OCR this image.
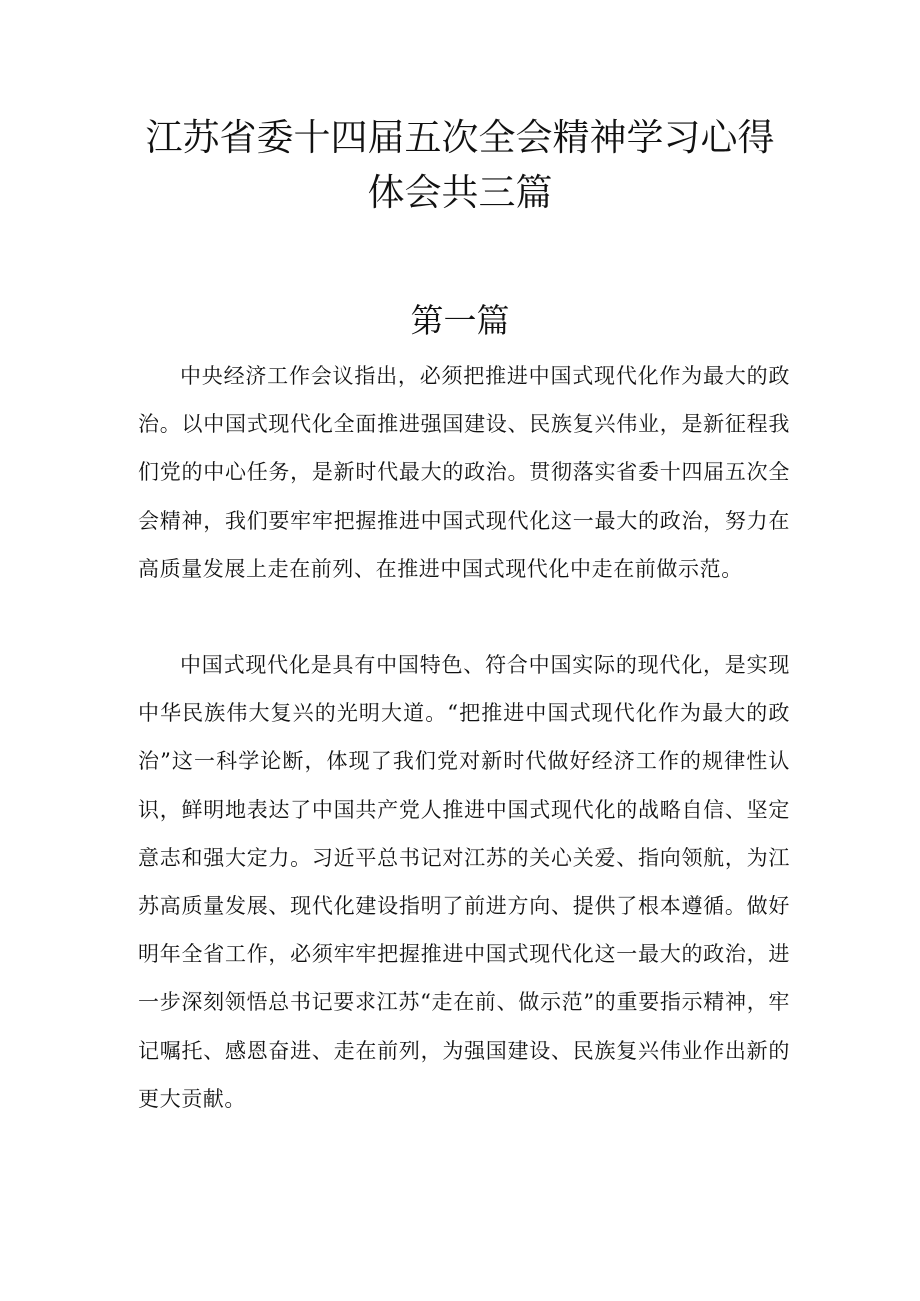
江苏省委十四届五次全会精神学习心得体会共三篇
第一篇

中央经济工作会议指出，必须把推进中国式现代化作为最大的政治。以中国式现代化全面推进强国建设、民族复兴伟业，是新征程我们党的中心任务，是新时代最大的政治。贯彻落实省委十四届五次全会精神，我们要牢牢把握推进中国式现代化这一最大的政治，努力在高质量发展上走在前列、在推进中国式现代化中走在前做示范。

中国式现代化是具有中国特色、符合中国实际的现代化，是实现中华民族伟大复兴的光明大道。“把推进中国式现代化作为最大的政治”这一科学论断，体现了我们党对新时代做好经济工作的规律性认识，鲜明地表达了中国共产党人推进中国式现代化的战略自信、坚定意志和强大定力。习近平总书记对江苏的关心关爱、指向领航，为江苏高质量发展、现代化建设指明了前进方向、提供了根本遵循。做好明年全省工作，必须牢牢把握推进中国式现代化这一最大的政治，进一步深刻领悟总书记要求江苏“走在前、做示范”的重要指示精神，牢记嘱托、感恩奋进、走在前列，为强国建设、民族复兴伟业作出新的更大贡献。
